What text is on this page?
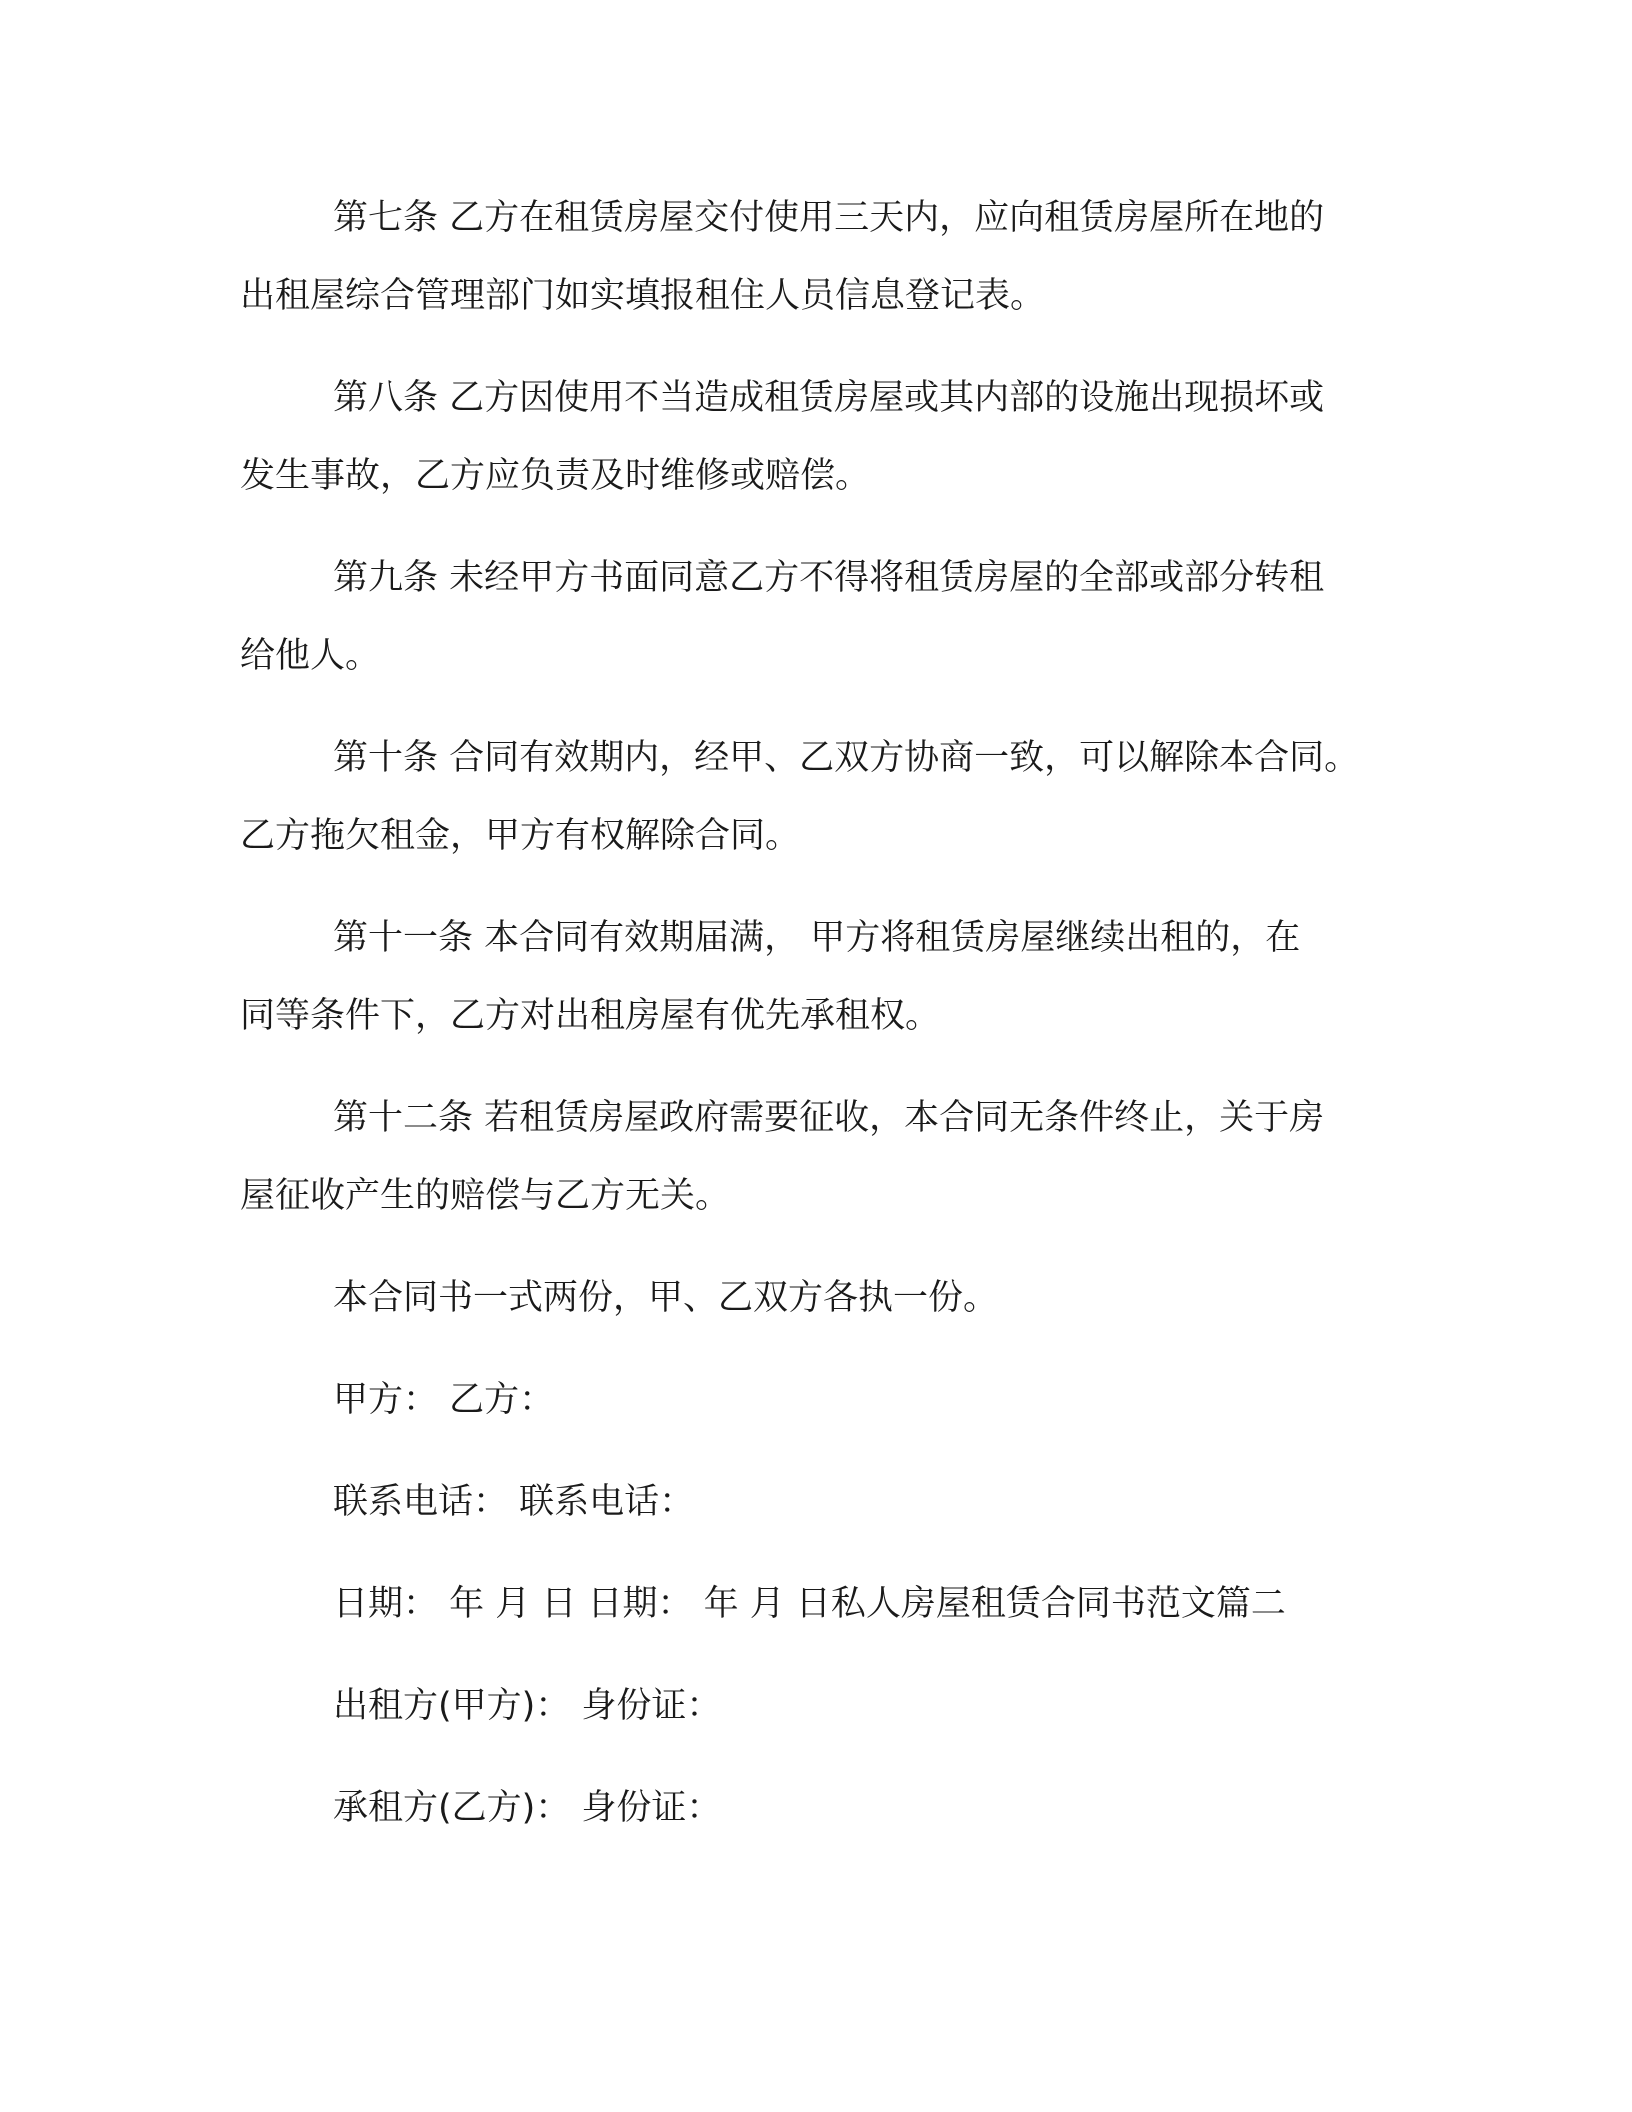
第七条 乙方在租赁房屋交付使用三天内，应向租赁房屋所在地的
出租屋综合管理部门如实填报租住人员信息登记表。
第八条 乙方因使用不当造成租赁房屋或其内部的设施出现损坏或
发生事故，乙方应负责及时维修或赔偿。
第九条 未经甲方书面同意乙方不得将租赁房屋的全部或部分转租
给他人。
第十条 合同有效期内，经甲、乙双方协商一致，可以解除本合同。
乙方拖欠租金，甲方有权解除合同。
第十一条 本合同有效期届满， 甲方将租赁房屋继续出租的，在
同等条件下，乙方对出租房屋有优先承租权。
第十二条 若租赁房屋政府需要征收，本合同无条件终止，关于房
屋征收产生的赔偿与乙方无关。
本合同书一式两份，甲、乙双方各执一份。
甲方： 乙方：
联系电话： 联系电话：
日期： 年 月 日 日期： 年 月 日私人房屋租赁合同书范文篇二
出租方(甲方)： 身份证：
承租方(乙方)： 身份证：
